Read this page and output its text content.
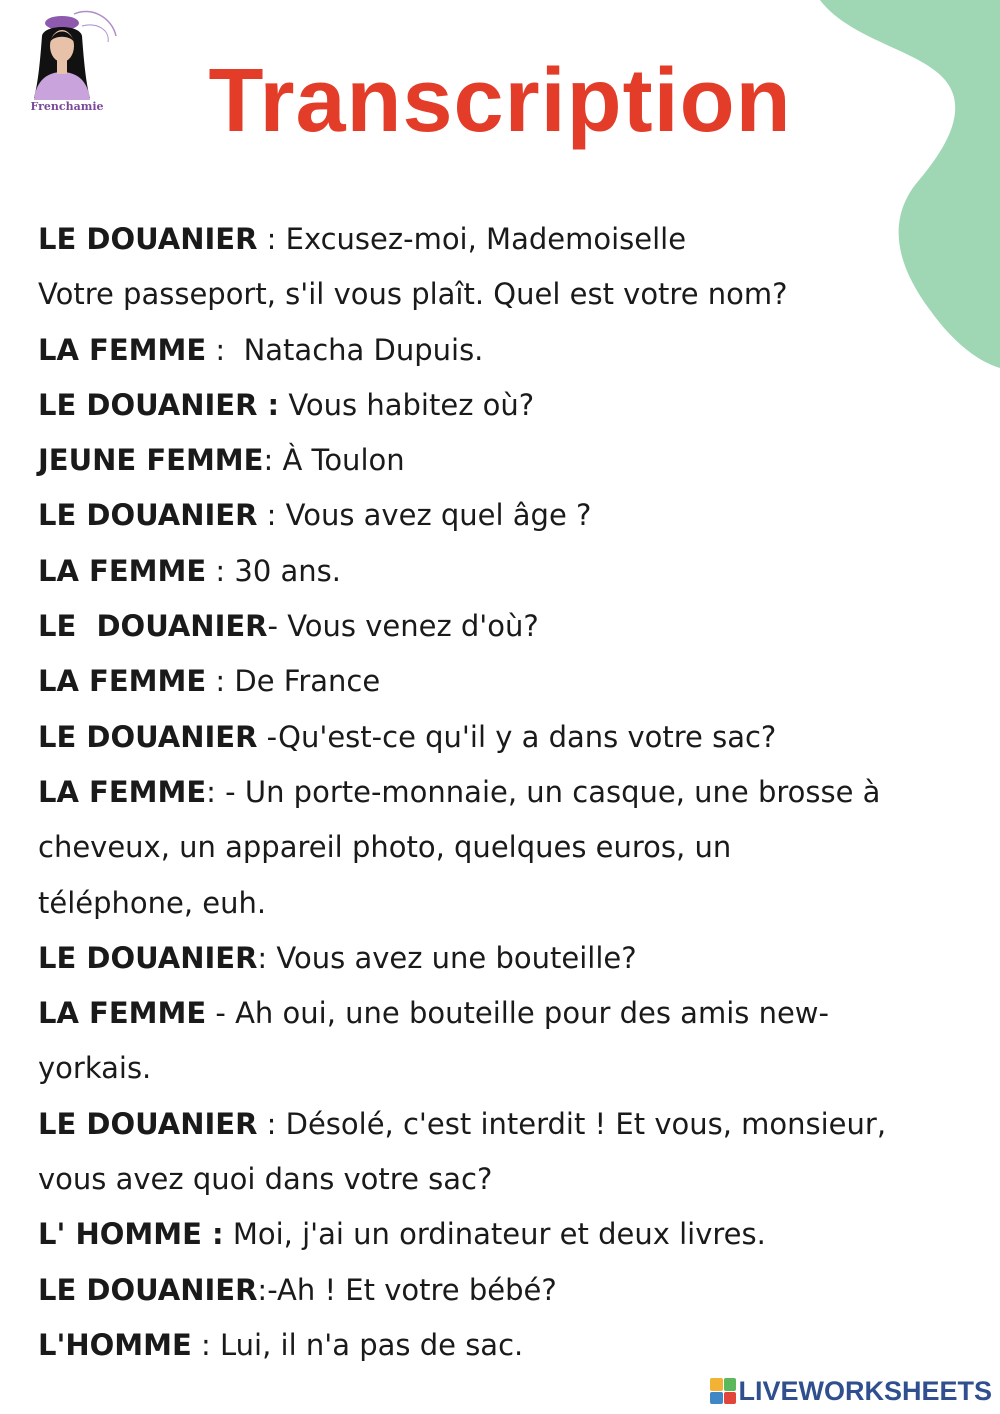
Frenchamie	Transcription
LE DOUANIER : Excusez-moi, Mademoiselle
Votre passeport, s'il vous plaît. Quel est votre nom?
LA FEMME :  Natacha Dupuis.
LE DOUANIER : Vous habitez où?
JEUNE FEMME: À Toulon
LE DOUANIER : Vous avez quel âge ?
LA FEMME : 30 ans.
LE  DOUANIER- Vous venez d'où?
LA FEMME : De France
LE DOUANIER -Qu'est-ce qu'il y a dans votre sac?
LA FEMME: - Un porte-monnaie, un casque, une brosse à
cheveux, un appareil photo, quelques euros, un
téléphone, euh.
LE DOUANIER: Vous avez une bouteille?
LA FEMME - Ah oui, une bouteille pour des amis new-
yorkais.
LE DOUANIER : Désolé, c'est interdit ! Et vous, monsieur,
vous avez quoi dans votre sac?
L' HOMME : Moi, j'ai un ordinateur et deux livres.
LE DOUANIER:-Ah ! Et votre bébé?
L'HOMME : Lui, il n'a pas de sac.
LIVEWORKSHEETS
